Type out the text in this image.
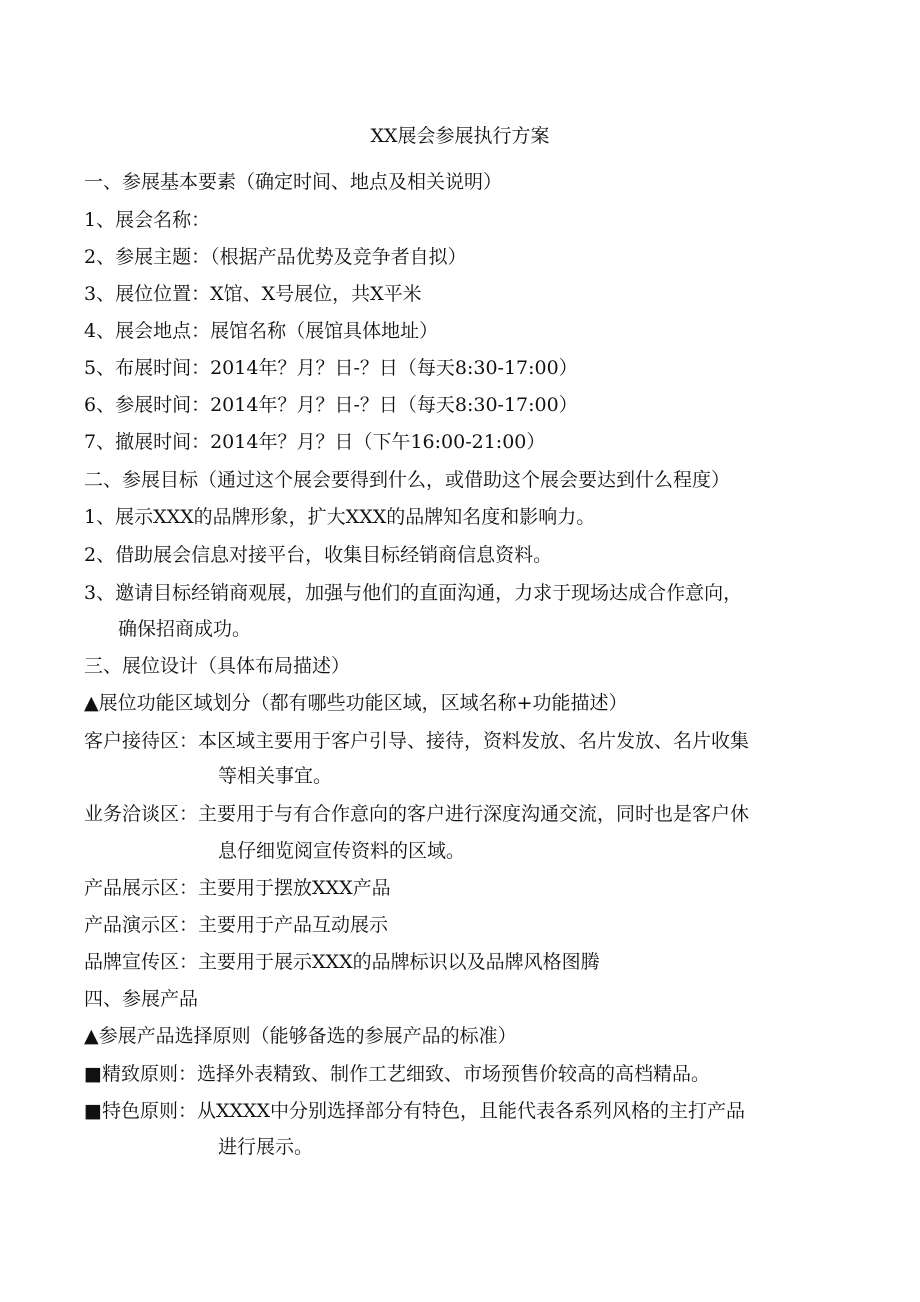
XX展会参展执行方案
一、参展基本要素（确定时间、地点及相关说明）
1、展会名称：
2、参展主题：（根据产品优势及竞争者自拟）
3、展位位置：X馆、X号展位，共X平米
4、展会地点：展馆名称（展馆具体地址）
5、布展时间：2014年？月？日-？日（每天8:30-17:00）
6、参展时间：2014年？月？日-？日（每天8:30-17:00）
7、撤展时间：2014年？月？日（下午16:00-21:00）
二、参展目标（通过这个展会要得到什么，或借助这个展会要达到什么程度）
1、展示XXX的品牌形象，扩大XXX的品牌知名度和影响力。
2、借助展会信息对接平台，收集目标经销商信息资料。
3、邀请目标经销商观展，加强与他们的直面沟通，力求于现场达成合作意向，
确保招商成功。
三、展位设计（具体布局描述）
▲展位功能区域划分（都有哪些功能区域，区域名称+功能描述）
客户接待区：本区域主要用于客户引导、接待，资料发放、名片发放、名片收集
等相关事宜。
业务洽谈区：主要用于与有合作意向的客户进行深度沟通交流，同时也是客户休
息仔细览阅宣传资料的区域。
产品展示区：主要用于摆放XXX产品
产品演示区：主要用于产品互动展示
品牌宣传区：主要用于展示XXX的品牌标识以及品牌风格图腾
四、参展产品
▲参展产品选择原则（能够备选的参展产品的标准）
■精致原则：选择外表精致、制作工艺细致、市场预售价较高的高档精品。
■特色原则：从XXXX中分别选择部分有特色，且能代表各系列风格的主打产品
进行展示。
